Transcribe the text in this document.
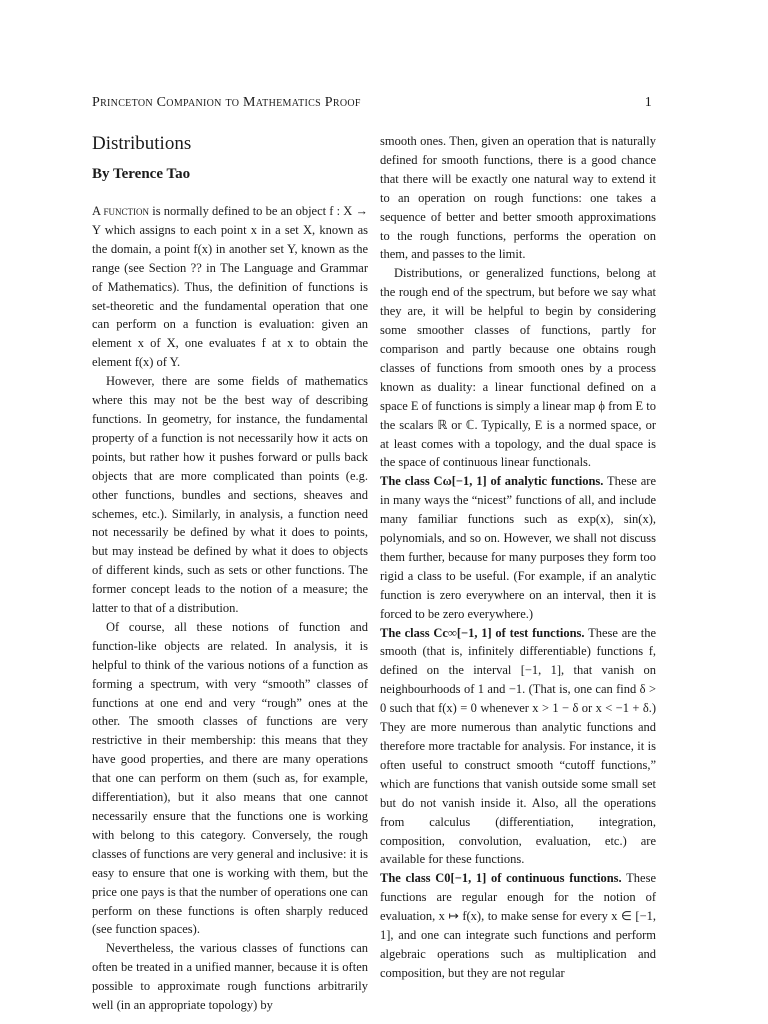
Princeton Companion to Mathematics Proof	1
Distributions
By Terence Tao

A function is normally defined to be an object f : X → Y which assigns to each point x in a set X, known as the domain, a point f(x) in another set Y, known as the range (see Section ?? in The Language and Grammar of Mathematics). Thus, the definition of functions is set-theoretic and the fundamental operation that one can perform on a function is evaluation: given an element x of X, one evaluates f at x to obtain the element f(x) of Y.

However, there are some fields of mathematics where this may not be the best way of describing functions. In geometry, for instance, the fundamental property of a function is not necessarily how it acts on points, but rather how it pushes forward or pulls back objects that are more complicated than points (e.g. other functions, bundles and sections, sheaves and schemes, etc.). Similarly, in analysis, a function need not necessarily be defined by what it does to points, but may instead be defined by what it does to objects of different kinds, such as sets or other functions. The former concept leads to the notion of a measure; the latter to that of a distribution.

Of course, all these notions of function and function-like objects are related. In analysis, it is helpful to think of the various notions of a function as forming a spectrum, with very “smooth” classes of functions at one end and very “rough” ones at the other. The smooth classes of functions are very restrictive in their membership: this means that they have good properties, and there are many operations that one can perform on them (such as, for example, differentiation), but it also means that one cannot necessarily ensure that the functions one is working with belong to this category. Conversely, the rough classes of functions are very general and inclusive: it is easy to ensure that one is working with them, but the price one pays is that the number of operations one can perform on these functions is often sharply reduced (see function spaces).

Nevertheless, the various classes of functions can often be treated in a unified manner, because it is often possible to approximate rough functions arbitrarily well (in an appropriate topology) by

smooth ones. Then, given an operation that is naturally defined for smooth functions, there is a good chance that there will be exactly one natural way to extend it to an operation on rough functions: one takes a sequence of better and better smooth approximations to the rough functions, performs the operation on them, and passes to the limit.

Distributions, or generalized functions, belong at the rough end of the spectrum, but before we say what they are, it will be helpful to begin by considering some smoother classes of functions, partly for comparison and partly because one obtains rough classes of functions from smooth ones by a process known as duality: a linear functional defined on a space E of functions is simply a linear map ϕ from E to the scalars ℝ or ℂ. Typically, E is a normed space, or at least comes with a topology, and the dual space is the space of continuous linear functionals.

The class Cω[−1, 1] of analytic functions. These are in many ways the “nicest” functions of all, and include many familiar functions such as exp(x), sin(x), polynomials, and so on. However, we shall not discuss them further, because for many purposes they form too rigid a class to be useful. (For example, if an analytic function is zero everywhere on an interval, then it is forced to be zero everywhere.)

The class Cc∞[−1, 1] of test functions. These are the smooth (that is, infinitely differentiable) functions f, defined on the interval [−1, 1], that vanish on neighbourhoods of 1 and −1. (That is, one can find δ > 0 such that f(x) = 0 whenever x > 1 − δ or x < −1 + δ.) They are more numerous than analytic functions and therefore more tractable for analysis. For instance, it is often useful to construct smooth “cutoff functions,” which are functions that vanish outside some small set but do not vanish inside it. Also, all the operations from calculus (differentiation, integration, composition, convolution, evaluation, etc.) are available for these functions.

The class C0[−1, 1] of continuous functions. These functions are regular enough for the notion of evaluation, x ↦ f(x), to make sense for every x ∈ [−1, 1], and one can integrate such functions and perform algebraic operations such as multiplication and composition, but they are not regular
